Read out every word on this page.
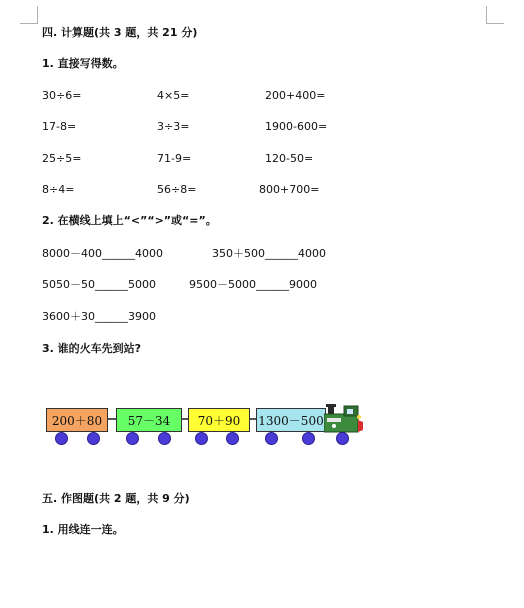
四. 计算题(共 3 题，共 21 分)
1. 直接写得数。
30÷6=	4×5=	200+400=
17-8=	3÷3=	1900-600=
25÷5=	71-9=	120-50=
8÷4=	56÷8=	800+700=
2. 在横线上填上“<”“>”或“=”。
8000－400______4000	350＋500______4000
5050－50______5000	9500－5000______9000
3600＋30______3900
3. 谁的火车先到站?
200＋80	57－34	70＋90	1300－500
五. 作图题(共 2 题，共 9 分)
1. 用线连一连。
